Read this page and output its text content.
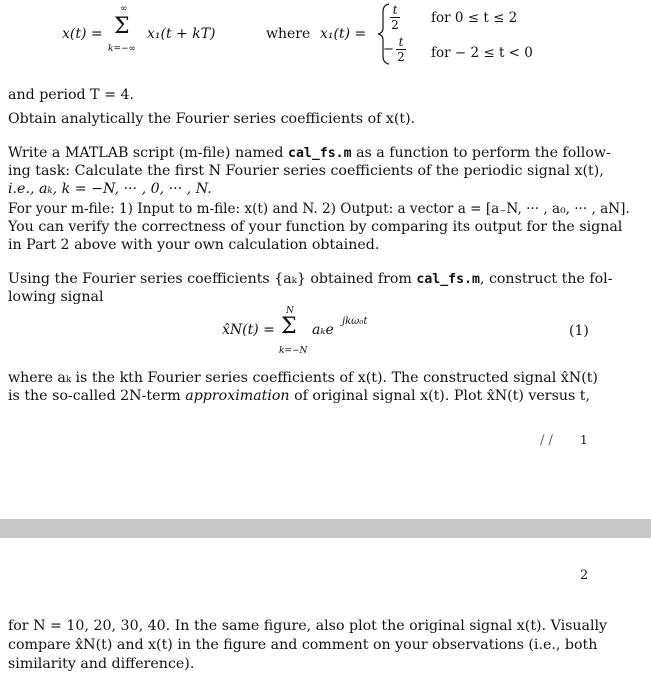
x(t) =
∞
Σ
k=−∞
x₁(t + kT)	where x₁(t) =
t
2 for 0 ≤ t ≤ 2
− t
2 for − 2 ≤ t < 0
and period T = 4.
Obtain analytically the Fourier series coefficients of x(t).
Write a MATLAB script (m-file) named cal_fs.m as a function to perform the follow-
ing task: Calculate the first N Fourier series coefficients of the periodic signal x(t),
i.e., aₖ, k = −N, ··· , 0, ··· , N.
For your m-file: 1) Input to m-file: x(t) and N. 2) Output: a vector a = [a₋N, ··· , a₀, ··· , aN].
You can verify the correctness of your function by comparing its output for the signal
in Part 2 above with your own calculation obtained.
Using the Fourier series coefficients {aₖ} obtained from cal_fs.m, construct the fol-
lowing signal
x̂N(t) =
N
Σ
k=−N
aₖe
jkω₀t
(1)
where aₖ is the kth Fourier series coefficients of x(t). The constructed signal x̂N(t)
is the so-called 2N-term approximation of original signal x(t). Plot x̂N(t) versus t,
/ / 1
2
for N = 10, 20, 30, 40. In the same figure, also plot the original signal x(t). Visually
compare x̂N(t) and x(t) in the figure and comment on your observations (i.e., both
similarity and difference).
